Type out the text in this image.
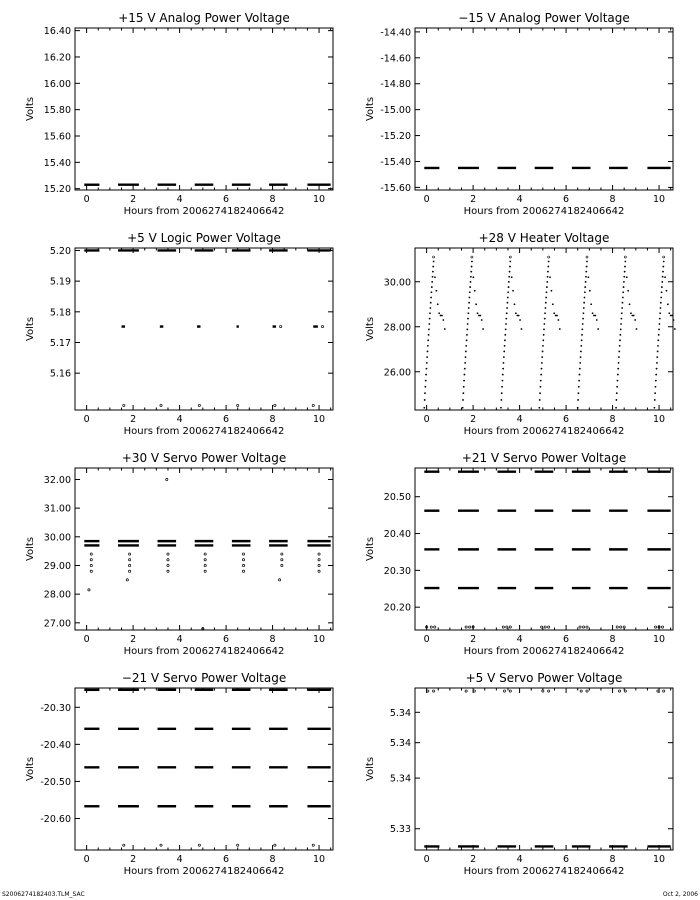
+15 V Analog Power Voltage
0	2	4	6	8	10
15.20
15.40
15.60
15.80
16.00
16.20
16.40
Hours from 2006274182406642
Volts
−15 V Analog Power Voltage
0	2	4	6	8	10
-15.60
-15.40
-15.20
-15.00
-14.80
-14.60
-14.40
Hours from 2006274182406642
Volts
+5 V Logic Power Voltage
0	2	4	6	8	10
5.16
5.17
5.18
5.19
5.20
Hours from 2006274182406642
Volts
+28 V Heater Voltage
0	2	4	6	8	10
26.00
28.00
30.00
Hours from 2006274182406642
Volts
+30 V Servo Power Voltage
0	2	4	6	8	10
27.00
28.00
29.00
30.00
31.00
32.00
Hours from 2006274182406642
Volts
+21 V Servo Power Voltage
0	2	4	6	8	10
20.20
20.30
20.40
20.50
Hours from 2006274182406642
Volts
−21 V Servo Power Voltage
0	2	4	6	8	10
-20.60
-20.50
-20.40
-20.30
Hours from 2006274182406642
Volts
+5 V Servo Power Voltage
0	2	4	6	8	10
5.33
5.34
5.34
5.34
Hours from 2006274182406642
Volts
S2006274182403.TLM_SAC	Oct 2, 2006
